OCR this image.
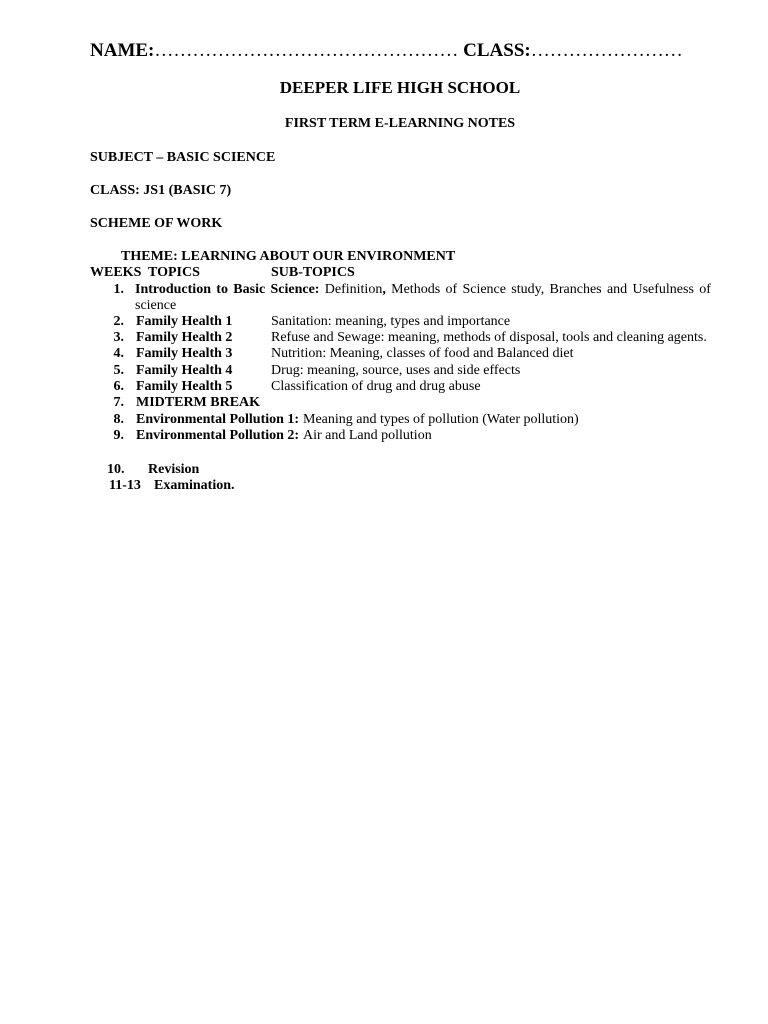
NAME:………………………………………… CLASS:……………………
DEEPER LIFE HIGH SCHOOL
FIRST TERM E-LEARNING NOTES
SUBJECT – BASIC SCIENCE
CLASS: JS1 (BASIC 7)
SCHEME OF WORK
THEME: LEARNING ABOUT OUR ENVIRONMENT
WEEKS TOPICS	SUB-TOPICS
1. Introduction to Basic Science: Definition, Methods of Science study, Branches and Usefulness of
science
2. Family Health 1	Sanitation: meaning, types and importance
3. Family Health 2	Refuse and Sewage: meaning, methods of disposal, tools and cleaning agents.
4. Family Health 3	Nutrition: Meaning, classes of food and Balanced diet
5. Family Health 4	Drug: meaning, source, uses and side effects
6. Family Health 5	Classification of drug and drug abuse
7. MIDTERM BREAK
8. Environmental Pollution 1: Meaning and types of pollution (Water pollution)
9. Environmental Pollution 2: Air and Land pollution
10. Revision
11-13 Examination.
